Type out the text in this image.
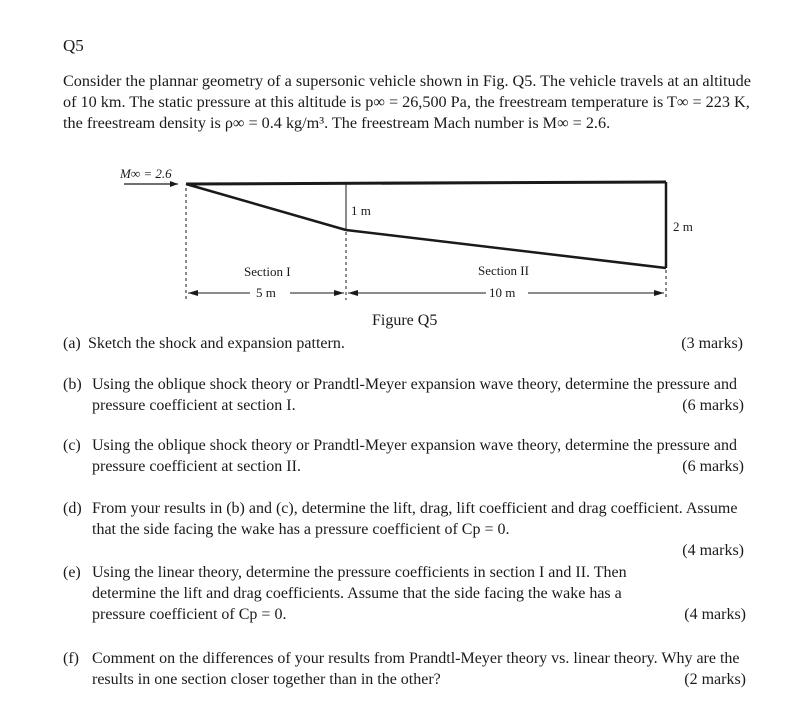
Q5
Consider the plannar geometry of a supersonic vehicle shown in Fig. Q5. The vehicle travels at an altitude of 10 km. The static pressure at this altitude is p∞ = 26,500 Pa, the freestream temperature is T∞ = 223 K, the freestream density is ρ∞ = 0.4 kg/m³. The freestream Mach number is M∞ = 2.6.
M∞ = 2.6
1 m
2 m
Section I	Section II
5 m	10 m
Figure Q5
(a) Sketch the shock and expansion pattern.	(3 marks)
(b) Using the oblique shock theory or Prandtl-Meyer expansion wave theory, determine the pressure and pressure coefficient at section I.	(6 marks)
(c) Using the oblique shock theory or Prandtl-Meyer expansion wave theory, determine the pressure and pressure coefficient at section II.	(6 marks)
(d) From your results in (b) and (c), determine the lift, drag, lift coefficient and drag coefficient. Assume that the side facing the wake has a pressure coefficient of Cp = 0.
(4 marks)
(e) Using the linear theory, determine the pressure coefficients in section I and II. Then determine the lift and drag coefficients. Assume that the side facing the wake has a pressure coefficient of Cp = 0.	(4 marks)
(f) Comment on the differences of your results from Prandtl-Meyer theory vs. linear theory. Why are the results in one section closer together than in the other?	(2 marks)
